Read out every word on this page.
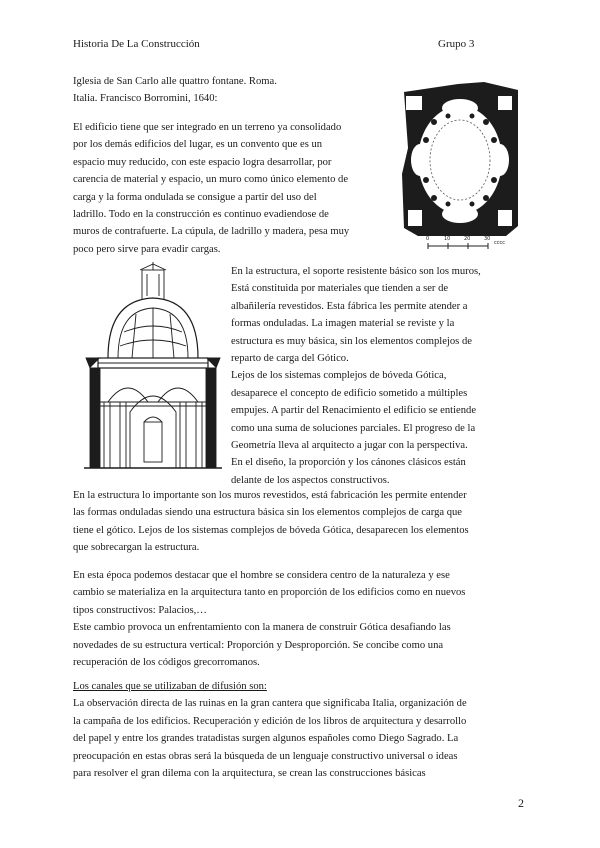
Historia De La Construcción	Grupo 3
Iglesia de San Carlo alle quattro fontane. Roma.
Italia. Francisco Borromini, 1640:
El edificio tiene que ser integrado en un terreno ya consolidado
por los demás edificios del lugar, es un convento que es un
espacio muy reducido, con este espacio logra desarrollar, por
carencia de material y espacio, un muro como único elemento de
carga y la forma ondulada se consigue a partir del uso del
ladrillo. Todo en la construcción es continuo evadiendose de
muros de contrafuerte. La cúpula, de ladrillo y madera, pesa muy
poco pero sirve para evadir cargas.
0	10	20	30
cccc
En la estructura, el soporte resistente básico son los muros,
Está constituida por materiales que tienden a ser de
albañilería revestidos. Esta fábrica les permite atender a
formas onduladas. La imagen material se reviste y la
estructura es muy básica, sin los elementos complejos de
reparto de carga del Gótico.
Lejos de los sistemas complejos de bóveda Gótica,
desaparece el concepto de edificio sometido a múltiples
empujes. A partir del Renacimiento el edificio se entiende
como una suma de soluciones parciales. El progreso de la
Geometría lleva al arquitecto a jugar con la perspectiva.
En el diseño, la proporción y los cánones clásicos están
delante de los aspectos constructivos.
En la estructura lo importante son los muros revestidos, está fabricación les permite entender
las formas onduladas siendo una estructura básica sin los elementos complejos de carga que
tiene el gótico. Lejos de los sistemas complejos de bóveda Gótica, desaparecen los elementos
que sobrecargan la estructura.
En esta época podemos destacar que el hombre se considera centro de la naturaleza y ese
cambio se materializa en la arquitectura tanto en proporción de los edificios como en nuevos
tipos constructivos: Palacios,…
Este cambio provoca un enfrentamiento con la manera de construir Gótica desafiando las
novedades de su estructura vertical: Proporción y Desproporción. Se concibe como una
recuperación de los códigos grecorromanos.
Los canales que se utilizaban de difusión son:
La observación directa de las ruinas en la gran cantera que significaba Italia, organización de
la campaña de los edificios. Recuperación y edición de los libros de arquitectura y desarrollo
del papel y entre los grandes tratadistas surgen algunos españoles como Diego Sagrado. La
preocupación en estas obras será la búsqueda de un lenguaje constructivo universal o ideas
para resolver el gran dilema con la arquitectura, se crean las construcciones básicas
2
